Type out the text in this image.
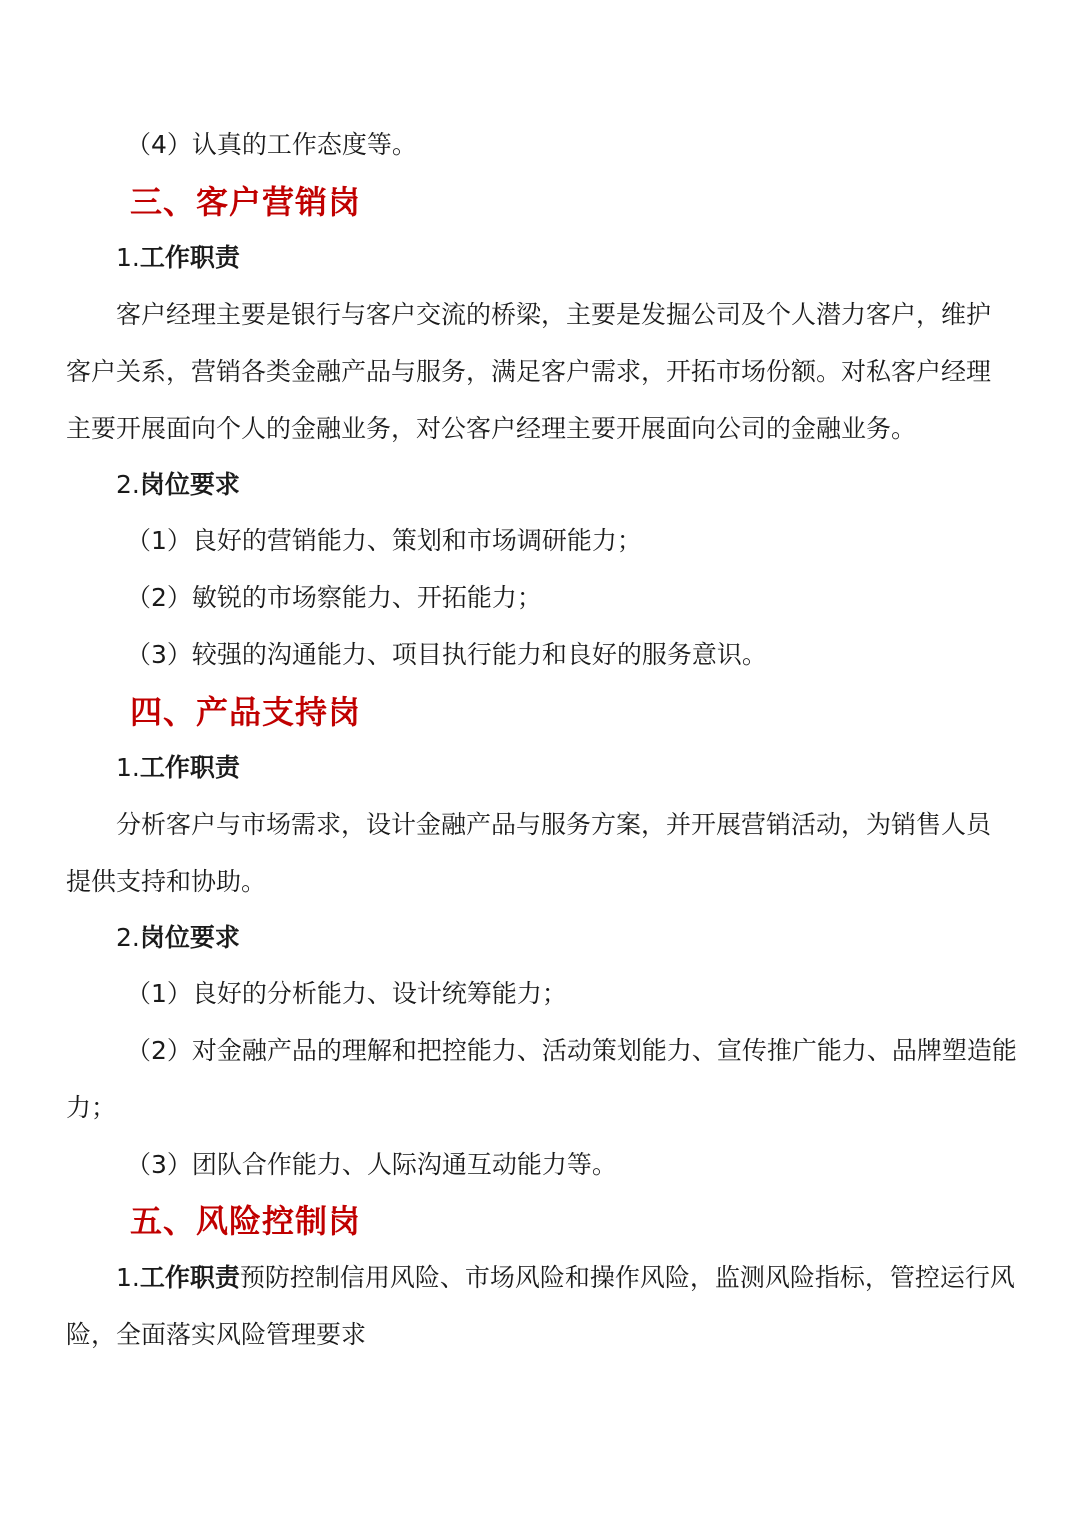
（4）认真的工作态度等。
三、客户营销岗
1.工作职责
客户经理主要是银行与客户交流的桥梁，主要是发掘公司及个人潜力客户，维护
客户关系，营销各类金融产品与服务，满足客户需求，开拓市场份额。对私客户经理
主要开展面向个人的金融业务，对公客户经理主要开展面向公司的金融业务。
2.岗位要求
（1）良好的营销能力、策划和市场调研能力；
（2）敏锐的市场察能力、开拓能力；
（3）较强的沟通能力、项目执行能力和良好的服务意识。
四、产品支持岗
1.工作职责
分析客户与市场需求，设计金融产品与服务方案，并开展营销活动，为销售人员
提供支持和协助。
2.岗位要求
（1）良好的分析能力、设计统筹能力；
（2）对金融产品的理解和把控能力、活动策划能力、宣传推广能力、品牌塑造能
力；
（3）团队合作能力、人际沟通互动能力等。
五、风险控制岗
1.工作职责预防控制信用风险、市场风险和操作风险，监测风险指标，管控运行风
险，全面落实风险管理要求
